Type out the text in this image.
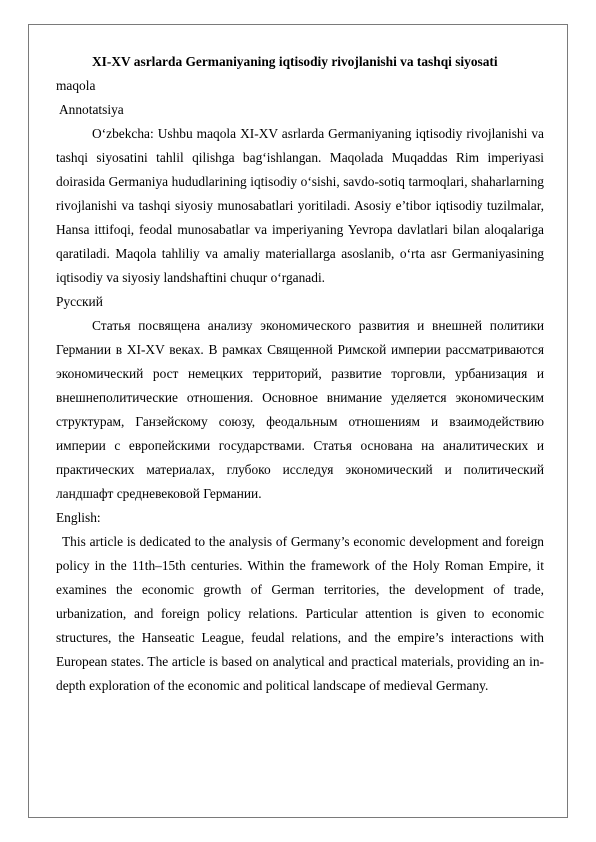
XI-XV asrlarda Germaniyaning iqtisodiy rivojlanishi va tashqi siyosati

maqola

Annotatsiya

O‘zbekcha: Ushbu maqola XI-XV asrlarda Germaniyaning iqtisodiy rivojlanishi va tashqi siyosatini tahlil qilishga bag‘ishlangan. Maqolada Muqaddas Rim imperiyasi doirasida Germaniya hududlarining iqtisodiy o‘sishi, savdo-sotiq tarmoqlari, shaharlarning rivojlanishi va tashqi siyosiy munosabatlari yoritiladi. Asosiy e’tibor iqtisodiy tuzilmalar, Hansa ittifoqi, feodal munosabatlar va imperiyaning Yevropa davlatlari bilan aloqalariga qaratiladi. Maqola tahliliy va amaliy materiallarga asoslanib, o‘rta asr Germaniyasining iqtisodiy va siyosiy landshaftini chuqur o‘rganadi.

Русский

Статья посвящена анализу экономического развития и внешней политики Германии в XI-XV веках. В рамках Священной Римской империи рассматриваются экономический рост немецких территорий, развитие торговли, урбанизация и внешнеполитические отношения. Основное внимание уделяется экономическим структурам, Ганзейскому союзу, феодальным отношениям и взаимодействию империи с европейскими государствами. Статья основана на аналитических и практических материалах, глубоко исследуя экономический и политический ландшафт средневековой Германии.

English:

This article is dedicated to the analysis of Germany’s economic development and foreign policy in the 11th–15th centuries. Within the framework of the Holy Roman Empire, it examines the economic growth of German territories, the development of trade, urbanization, and foreign policy relations. Particular attention is given to economic structures, the Hanseatic League, feudal relations, and the empire’s interactions with European states. The article is based on analytical and practical materials, providing an in-depth exploration of the economic and political landscape of medieval Germany.
